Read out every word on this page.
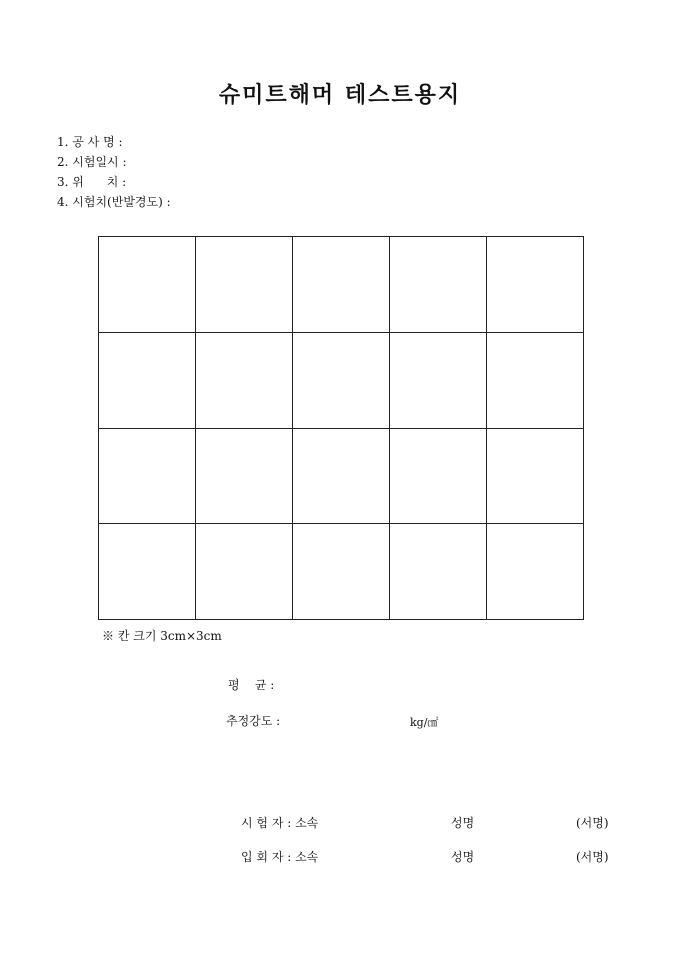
슈미트해머 테스트용지
1. 공 사 명 :
2. 시험일시 :
3. 위      치 :
4. 시험치(반발경도) :

※ 칸 크기 3cm×3cm
평    균 :
추정강도 :	kg/㎠
시 험 자 : 소속	성명	(서명)
입 회 자 : 소속	성명	(서명)
